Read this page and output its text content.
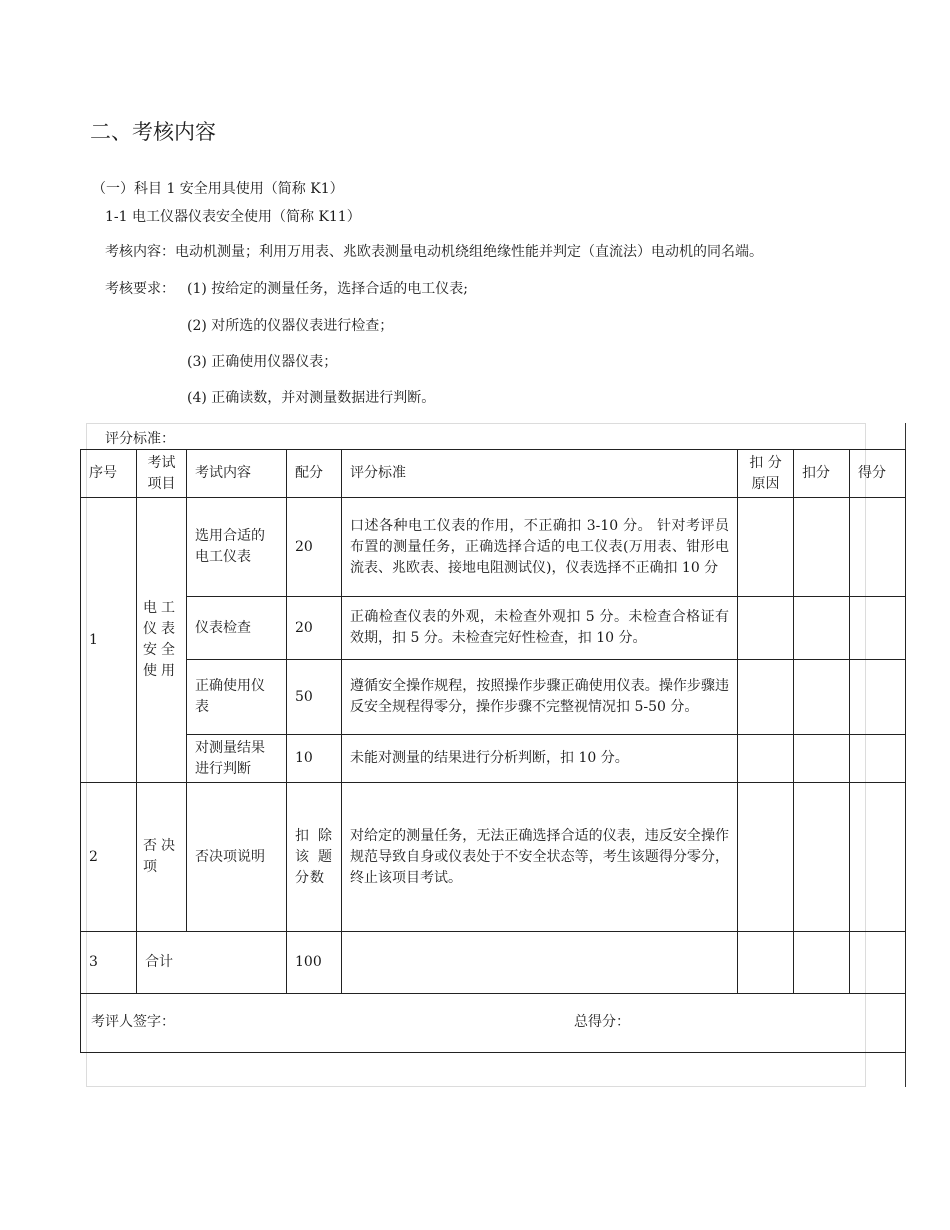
二、考核内容
（一）科目 1 安全用具使用（简称 K1）
1-1 电工仪器仪表安全使用（简称 K11）
考核内容：电动机测量；利用万用表、兆欧表测量电动机绕组绝缘性能并判定（直流法）电动机的同名端。
考核要求： (1) 按给定的测量任务，选择合适的电工仪表;
(2) 对所选的仪器仪表进行检查；
(3) 正确使用仪器仪表；
(4) 正确读数，并对测量数据进行判断。
评分标准：
序号	考试项目	考试内容	配分	评分标准	扣 分 原因	扣分	得分
1	电工仪表安全使用	选用合适的电工仪表	20	口述各种电工仪表的作用，不正确扣 3-10 分。 针对考评员布置的测量任务，正确选择合适的电工仪表(万用表、钳形电流表、兆欧表、接地电阻测试仪)，仪表选择不正确扣 10 分			
		仪表检查	20	正确检查仪表的外观，未检查外观扣 5 分。未检查合格证有效期，扣 5 分。未检查完好性检查，扣 10 分。			
		正确使用仪表	50	遵循安全操作规程，按照操作步骤正确使用仪表。操作步骤违反安全规程得零分，操作步骤不完整视情况扣 5-50 分。			
		对测量结果进行判断	10	未能对测量的结果进行分析判断，扣 10 分。			
2	否决项	否决项说明	扣 除该 题分数	对给定的测量任务，无法正确选择合适的仪表，违反安全操作规范导致自身或仪表处于不安全状态等，考生该题得分零分，终止该项目考试。			
3	合计		100				

考评人签字： 总得分：							
